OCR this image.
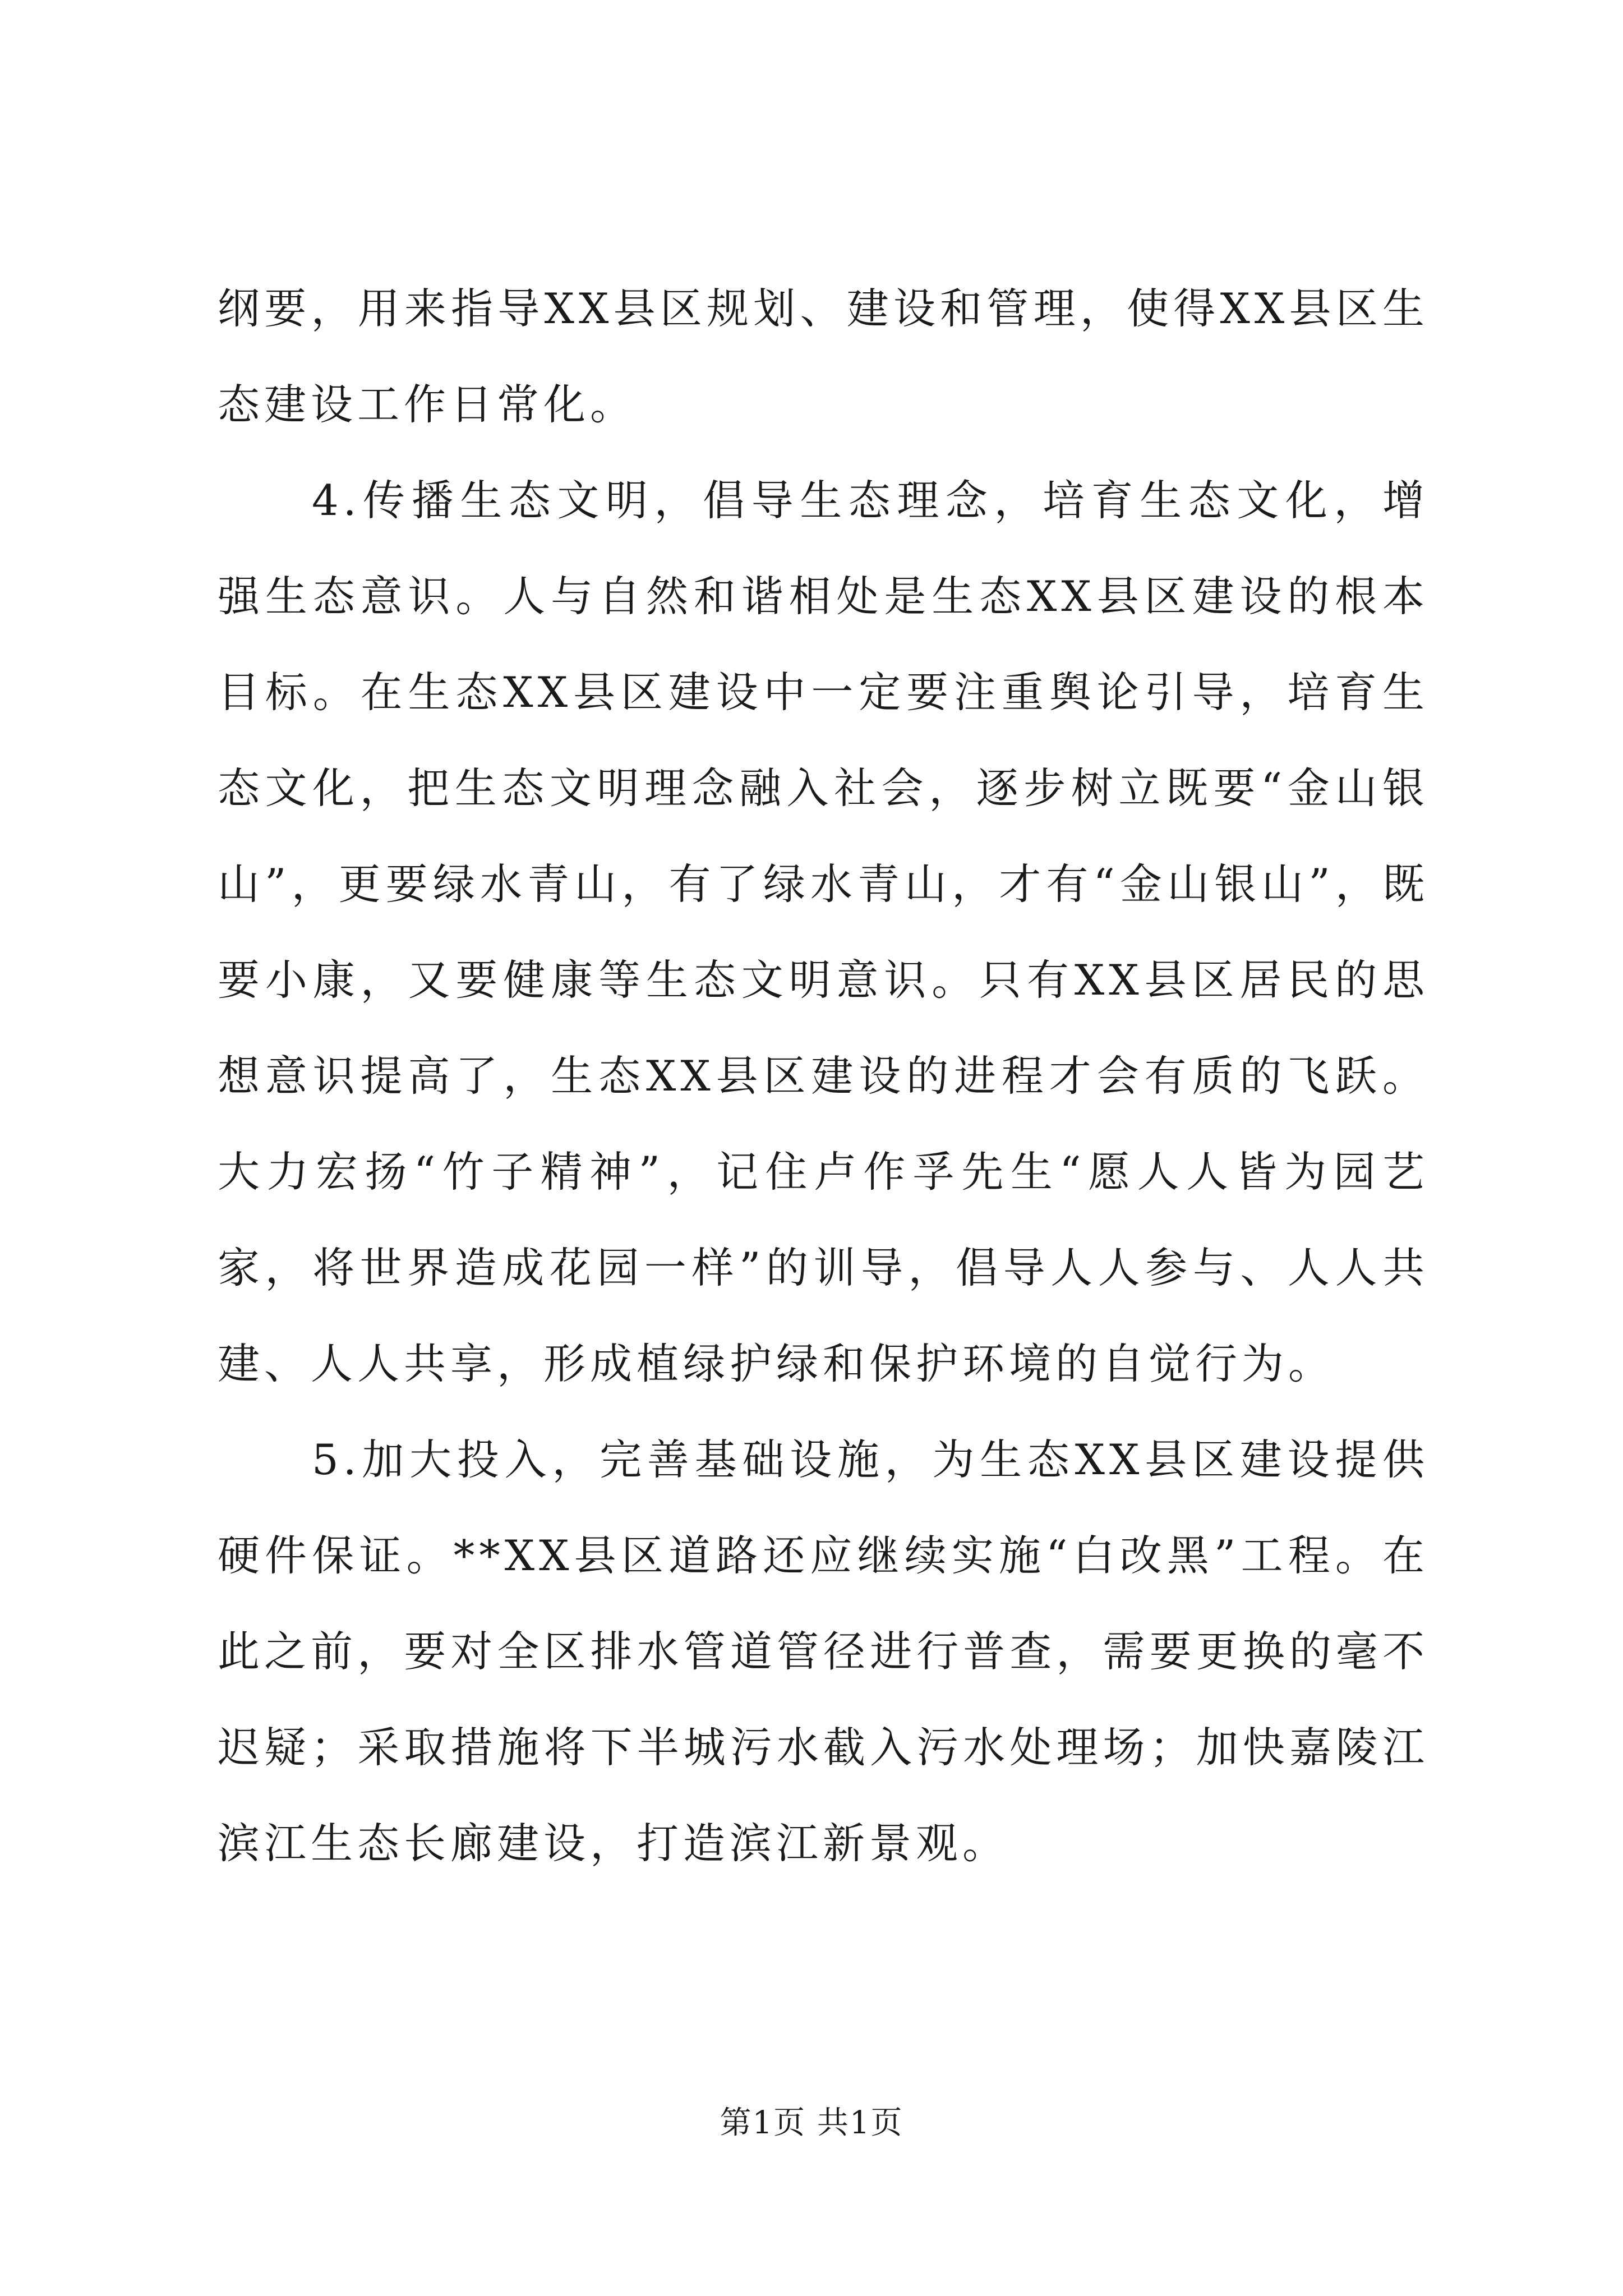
纲要，用来指导XX县区规划、建设和管理，使得XX县区生态建设工作日常化。

4.传播生态文明，倡导生态理念，培育生态文化，增强生态意识。人与自然和谐相处是生态XX县区建设的根本目标。在生态XX县区建设中一定要注重舆论引导，培育生态文化，把生态文明理念融入社会，逐步树立既要“金山银山”，更要绿水青山，有了绿水青山，才有“金山银山”，既要小康，又要健康等生态文明意识。只有XX县区居民的思想意识提高了，生态XX县区建设的进程才会有质的飞跃。大力宏扬“竹子精神”，记住卢作孚先生“愿人人皆为园艺家，将世界造成花园一样”的训导，倡导人人参与、人人共建、人人共享，形成植绿护绿和保护环境的自觉行为。

5.加大投入，完善基础设施，为生态XX县区建设提供硬件保证。**XX县区道路还应继续实施“白改黑”工程。在此之前，要对全区排水管道管径进行普查，需要更换的毫不迟疑；采取措施将下半城污水截入污水处理场；加快嘉陵江滨江生态长廊建设，打造滨江新景观。

第1页 共1页
